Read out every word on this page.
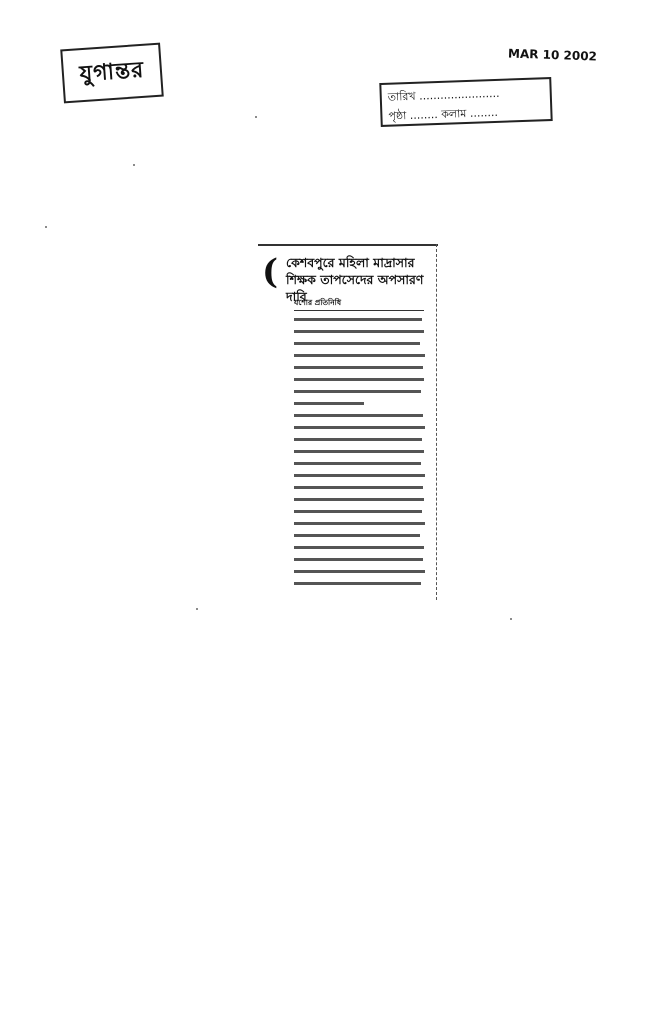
যুগান্তর
MAR 10 2002
তারিখ .......................
পৃষ্ঠা ........ কলাম ........
( কেশবপুরে মহিলা মাদ্রাসার শিক্ষক তাপসেদের অপসারণ দাবি
যশোর প্রতিনিধি
